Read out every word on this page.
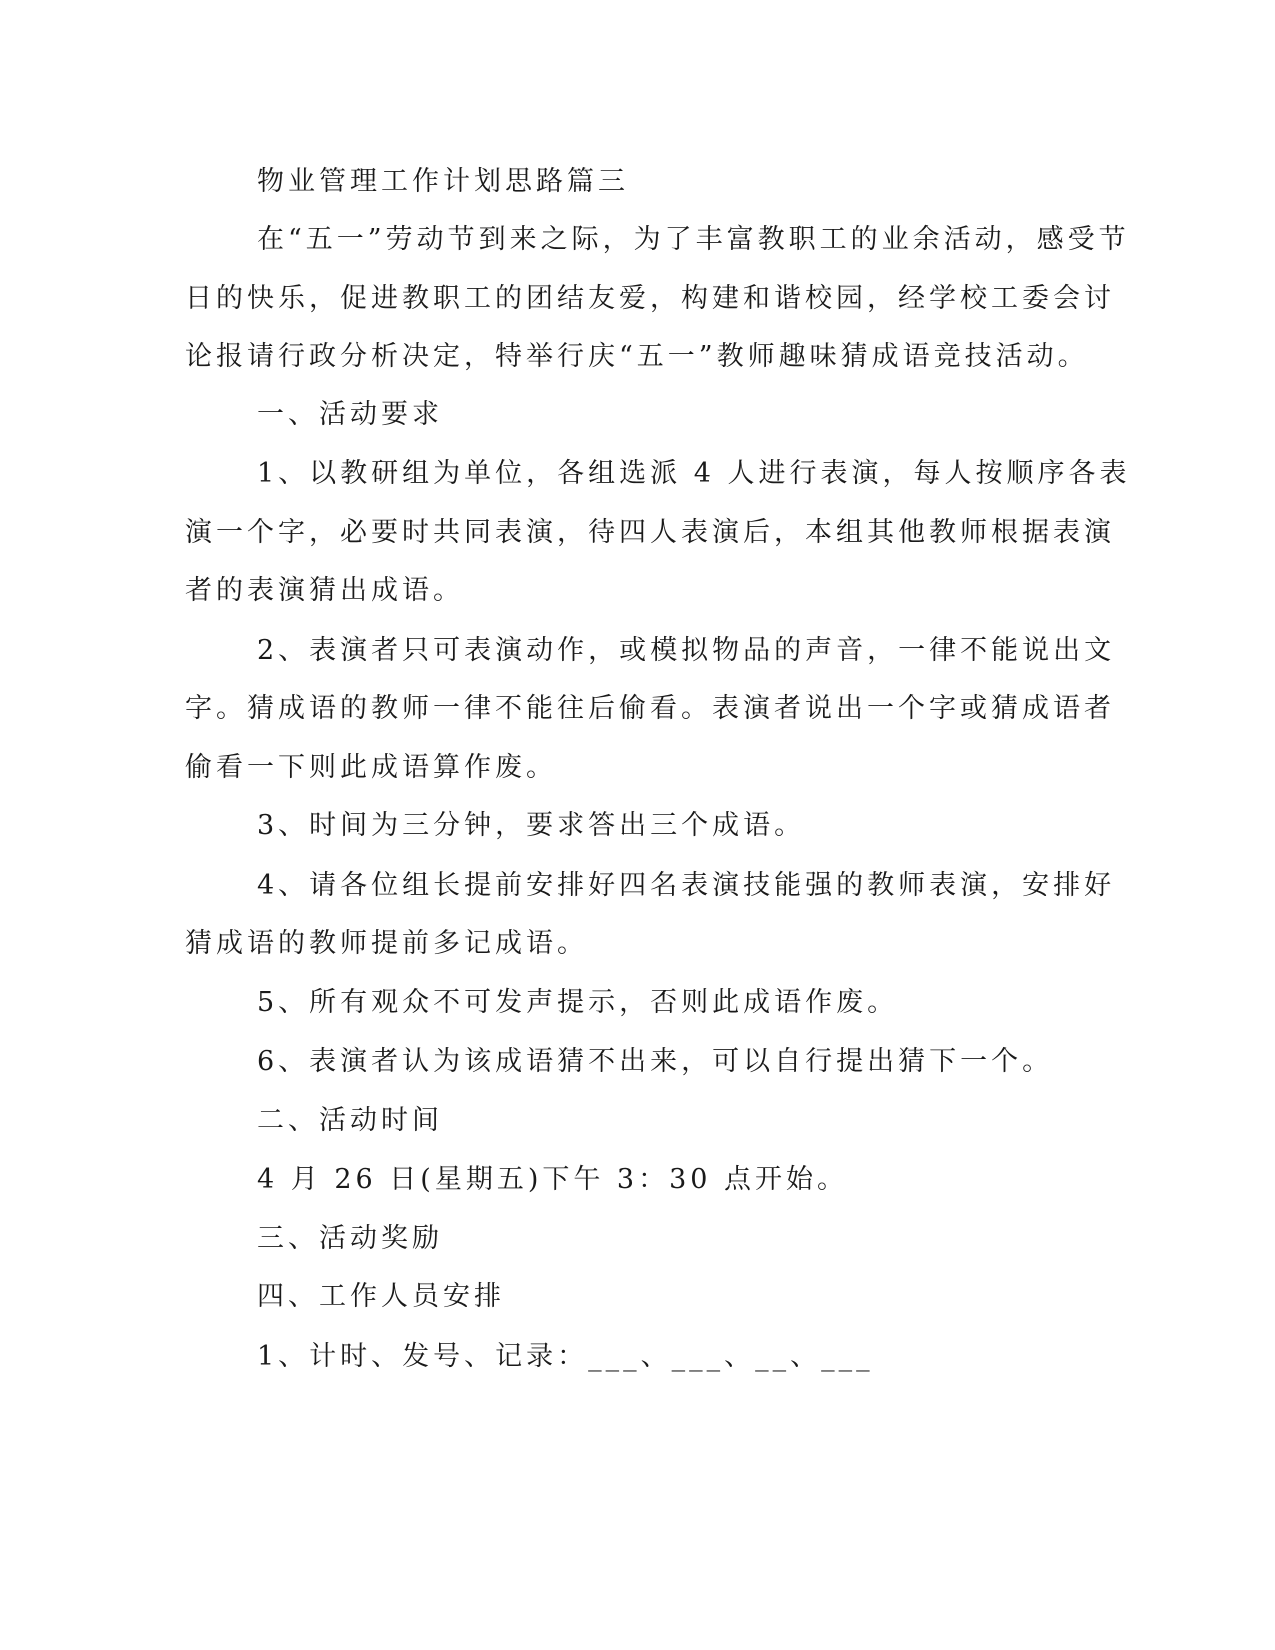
物业管理工作计划思路篇三
在“五一”劳动节到来之际，为了丰富教职工的业余活动，感受节
日的快乐，促进教职工的团结友爱，构建和谐校园，经学校工委会讨
论报请行政分析决定，特举行庆“五一”教师趣味猜成语竞技活动。
一、活动要求
1、以教研组为单位，各组选派 4 人进行表演，每人按顺序各表
演一个字，必要时共同表演，待四人表演后，本组其他教师根据表演
者的表演猜出成语。
2、表演者只可表演动作，或模拟物品的声音，一律不能说出文
字。猜成语的教师一律不能往后偷看。表演者说出一个字或猜成语者
偷看一下则此成语算作废。
3、时间为三分钟，要求答出三个成语。
4、请各位组长提前安排好四名表演技能强的教师表演，安排好
猜成语的教师提前多记成语。
5、所有观众不可发声提示，否则此成语作废。
6、表演者认为该成语猜不出来，可以自行提出猜下一个。
二、活动时间
4 月 26 日(星期五)下午 3：30 点开始。
三、活动奖励
四、工作人员安排
1、计时、发号、记录：___、___、__、___
